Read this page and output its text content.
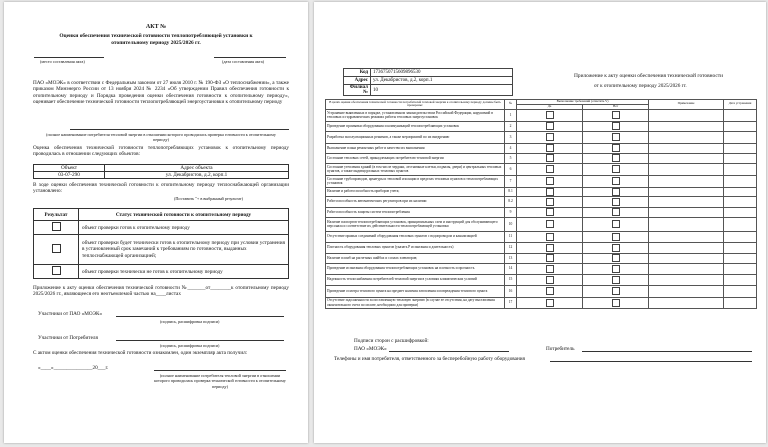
АКТ №
Оценки обеспечения технической готовности теплопотребляющей установки к
отопительному периоду 2025/2026 гг.
(место составления акта)	(дата составления акта)
ПАО «МОЭК» в соответствии с Федеральным законом от 27 июля 2010 г. № 190-ФЗ «О теплоснабжении», а также приказом Минэнерго России от 13 ноября 2024 № 2234 «Об утверждении Правил обеспечения готовности к отопительному периоду и Порядка проведения оценки обеспечения готовности к отопительному периоду», оценивает обеспечение технической готовности теплопотребляющей энергоустановки к отопительному периоду
(полное наименование потребителя тепловой энергии в отношении которого проводилась проверка готовности к отопительному периоду)
Оценка обеспечения технической готовности теплопотребляющих установок к отопительному периоду проводилась в отношении следующих объектов:
Объект	Адрес объекта
03-07-290	ул. Декабристов, д.2, корп.1
В ходе оценки обеспечения технической готовности к отопительному периоду теплоснабжающей организации установлено:
(Поставить "+ в выбранный результат)
Результат	Статус технической готовности к отопительному периоду
	объект проверки готов к отопительному периоду
	объект проверки будет технически готов к отопительному периоду при условии устранения в установленный срок замечаний к требованиям по готовности, выданных теплоснабжающей организацией;
	объект проверки технически не готов к отопительному периоду
Приложение к акту оценки обеспечения технической готовности №_______от________к отопительному периоду 2025/2026 гг., являющееся его неотъемлемой частью на____листах
Участники от ПАО «МОЭК»
(подпись, расшифровка подписи)
Участники от Потребителя
(подпись, расшифровка подписи)
С актом оценки обеспечения технической готовности ознакомлен, один экземпляр акта получил:
«____»_______________20___г.
(полное наименование потребителя тепловой энергии в отношении которого проводилась проверка технической готовности к отопительному периоду)
Код	1736750715609896530
Адрес	ул. Декабристов, д.2, корп.1
Филиал №	10
Приложение к акту оценки обеспечения технической готовности
от к отопительному периоду 2025/2026 гг.
В целях оценки обеспечения технической готовности потребителей тепловой энергии к отопительному периоду должны быть проверены:	№	Выполнение требований (отметить V)		Примечание	Дата устранения
		Да	Нет		
Устранение выявленных в порядке, установленном законодательством Российской Федерации, нарушений в тепловых и гидравлических режимах работы тепловых энергоустановок	1				
Проведение промывки оборудования и коммуникаций теплопотребляющих установок	2				
Разработка эксплуатационных режимов, а также мероприятий по их внедрению	3				
Выполнение плана ремонтных работ и качество их выполнения	4				
Состояние тепловых сетей, принадлежащих потребителю тепловой энергии	5				
Состояние утепления зданий (в том числе чердаки, лестничные клетки, подвалы, двери) и центральных тепловых пунктов, а также индивидуальных тепловых пунктов	6				
Состояние трубопроводов, арматуры и тепловой изоляции в пределах тепловых пунктов и теплопотребляющих установок	7				
Наличие и работоспособность приборов учета;	8.1				
Работоспособность автоматических регуляторов при их наличии	8.2				
Работоспособность защиты систем теплопотребления	9				
Наличие паспортов теплопотребляющих установок, принципиальных схем и инструкций для обслуживающего персонала и соответствие их действительности теплопотребляющей установки	10				
Отсутствие прямых соединений оборудования тепловых пунктов с водопроводом и канализацией	11				
Плотность оборудования тепловых пунктов (указать Р испытания и длительность)	12				
Наличие пломб на расчетных шайбах и соплах элеваторов;	13				
Проведение испытания оборудования теплопотребляющих установок на плотность и прочность	14				
Надежность теплоснабжения потребителей тепловой энергии в условиях климатических условий	15				
Проведение осмотра теплового пункта на предмет наличия затопления и повреждения теплового пункта	16				
Отсутствие задолженности за поставленную тепловую энергию (в случае ее отсутствия, на дату выставления окончательного счета по оплате, необходимо для проверки)	17				
Подписи сторон с расшифровкой:
ПАО «МОЭК»	Потребитель
Телефоны и имя потребителя, ответственного за бесперебойную работу оборудования
